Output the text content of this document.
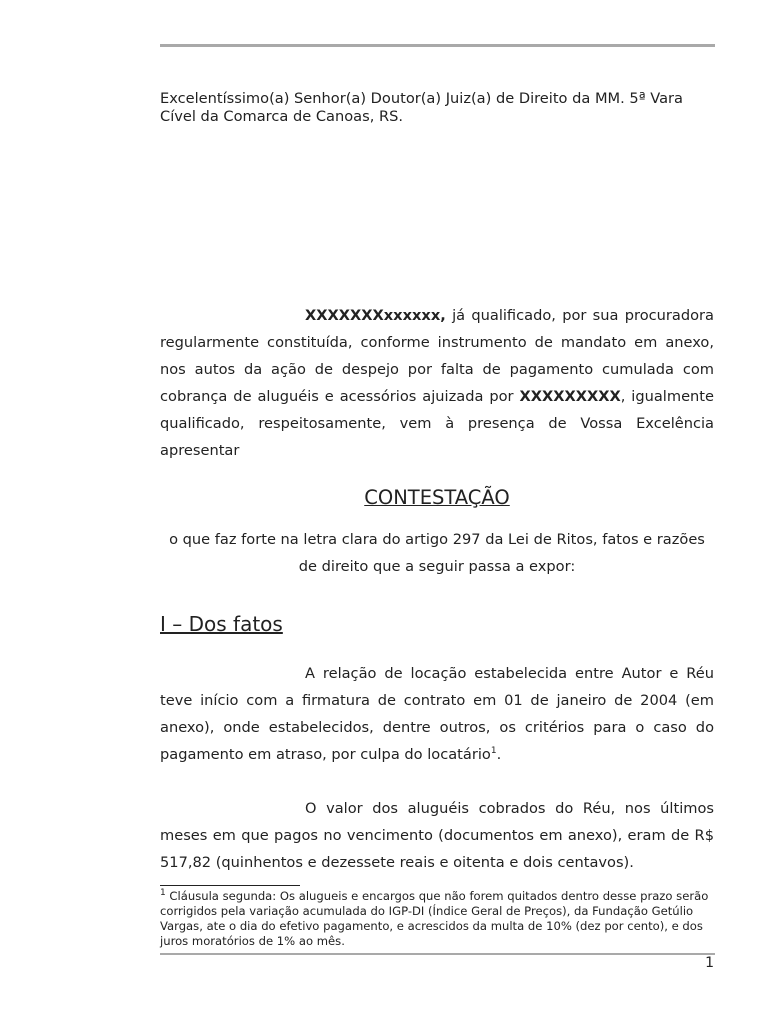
Excelentíssimo(a) Senhor(a) Doutor(a) Juiz(a) de Direito da MM. 5ª Vara Cível da Comarca de Canoas, RS.
XXXXXXXxxxxxx, já qualificado, por sua procuradora regularmente constituída, conforme instrumento de mandato em anexo, nos autos da ação de despejo por falta de pagamento cumulada com cobrança de aluguéis e acessórios ajuizada por XXXXXXXXX, igualmente qualificado, respeitosamente, vem à presença de Vossa Excelência apresentar
CONTESTAÇÃO
o que faz forte na letra clara do artigo 297 da Lei de Ritos, fatos e razões de direito que a seguir passa a expor:
I – Dos fatos
A relação de locação estabelecida entre Autor e Réu teve início com a firmatura de contrato em 01 de janeiro de 2004 (em anexo), onde estabelecidos, dentre outros, os critérios para o caso do pagamento em atraso, por culpa do locatário$^1$.
O valor dos aluguéis cobrados do Réu, nos últimos meses em que pagos no vencimento (documentos em anexo), eram de R$ 517,82 (quinhentos e dezessete reais e oitenta e dois centavos).
$^1$ Cláusula segunda: Os alugueis e encargos que não forem quitados dentro desse prazo serão corrigidos pela variação acumulada do IGP-DI (Índice Geral de Preços), da Fundação Getúlio Vargas, ate o dia do efetivo pagamento, e acrescidos da multa de 10% (dez por cento), e dos juros moratórios de 1% ao mês.
1
